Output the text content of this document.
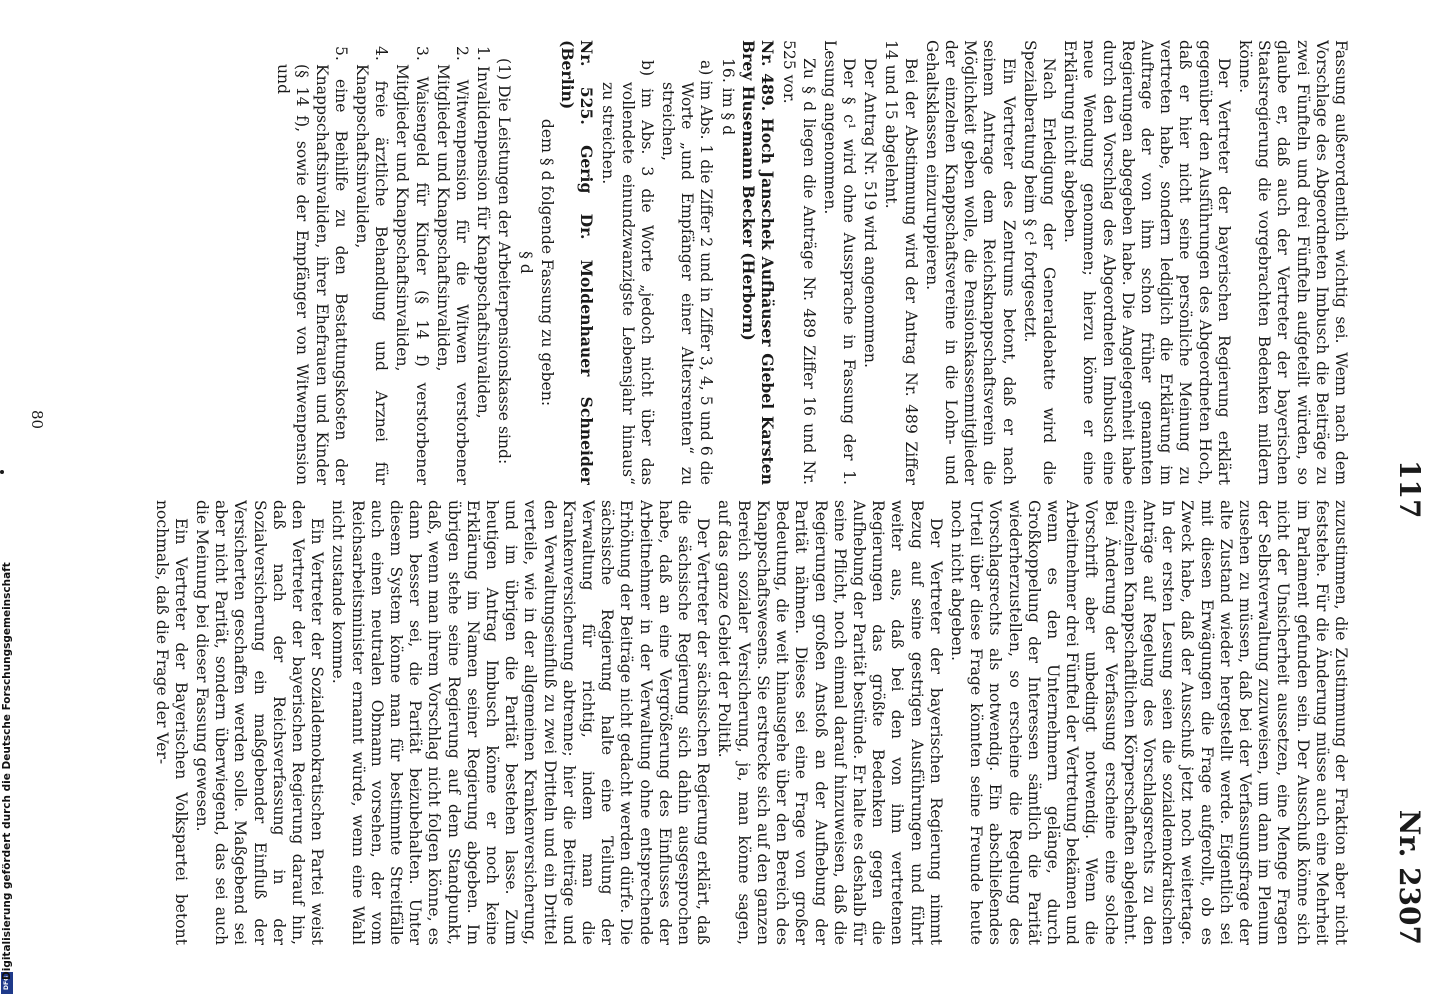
117
Nr. 2307

Fassung außerordentlich wichtig sei. Wenn nach dem Vorschlage des Abgeordneten Imbusch die Beiträge zu zwei Fünfteln und drei Fünfteln aufgeteilt würden, so glaube er, daß auch der Vertreter der bayerischen Staatsregierung die vorgebrachten Bedenken mildern könne.

Der Vertreter der bayerischen Regierung erklärt gegenüber den Ausführungen des Abgeordneten Hoch, daß er hier nicht seine persönliche Meinung zu vertreten habe, sondern lediglich die Erklärung im Auftrage der von ihm schon früher genannten Regierungen abgegeben habe. Die Angelegenheit habe durch den Vorschlag des Abgeordneten Imbusch eine neue Wendung genommen; hierzu könne er eine Erklärung nicht abgeben.

Nach Erledigung der Generaldebatte wird die Spezialberatung beim § c¹ fortgesetzt.

Ein Vertreter des Zentrums betont, daß er nach seinem Antrage dem Reichsknappschaftsverein die Möglichkeit geben wolle, die Pensionskassenmitglieder der einzelnen Knappschaftsvereine in die Lohn- und Gehaltsklassen einzuruppieren.

Bei der Abstimmung wird der Antrag Nr. 489 Ziffer 14 und 15 abgelehnt.

Der Antrag Nr. 519 wird angenommen.

Der § c¹ wird ohne Aussprache in Fassung der 1. Lesung angenommen.

Zu § d liegen die Anträge Nr. 489 Ziffer 16 und Nr. 525 vor.

Nr. 489. Hoch Janschek Aufhäuser Giebel Karsten Brey Husemann Becker (Herborn)

16. im § d

a) im Abs. 1 die Ziffer 2 und in Ziffer 3, 4, 5 und 6 die Worte „und Empfänger einer Altersrenten“ zu streichen,

b) im Abs. 3 die Worte „jedoch nicht über das vollendete einundzwanzigste Lebensjahr hinaus“ zu streichen.

Nr. 525. Gerig Dr. Moldenhauer Schneider (Berlin)

dem § d folgende Fassung zu geben:

§ d

(1) Die Leistungen der Arbeiterpensionskasse sind:

1. Invalidenpension für Knappschaftsinvaliden,

2. Witwenpension für die Witwen verstorbener Mitglieder und Knappschaftsinvaliden,

3. Waisengeld für Kinder (§ 14 f) verstorbener Mitglieder und Knappschaftsinvaliden,

4. freie ärztliche Behandlung und Arznei für Knappschaftsinvaliden,

5. eine Beihilfe zu den Bestattungskosten der Knappschaftsinvaliden, ihrer Ehefrauen und Kinder (§ 14 f), sowie der Empfänger von Witwenpension und

zuzustimmen, die Zustimmung der Fraktion aber nicht feststehe. Für die Änderung müsse auch eine Mehrheit im Parlament gefunden sein. Der Ausschuß könne sich nicht der Unsicherheit aussetzen, eine Menge Fragen der Selbstverwaltung zuzuweisen, um dann im Plenum zusehen zu müssen, daß bei der Verfassungsfrage der alte Zustand wieder hergestellt werde. Eigentlich sei mit diesen Erwägungen die Frage aufgerollt, ob es Zweck habe, daß der Ausschuß jetzt noch weitertage. In der ersten Lesung seien die sozialdemokratischen Anträge auf Regelung des Vorschlagsrechts zu den einzelnen Knappschaftlichen Körperschaften abgelehnt. Bei Änderung der Verfassung erscheine eine solche Vorschrift aber unbedingt notwendig. Wenn die Arbeitnehmer drei Fünftel der Vertretung bekämen und wenn es den Unternehmern gelänge, durch Großkoppelung der Interessen sämtlich die Parität wiederherzustellen, so erscheine die Regelung des Vorschlagsrechts als notwendig. Ein abschließendes Urteil über diese Frage könnten seine Freunde heute noch nicht abgeben.

Der Vertreter der bayerischen Regierung nimmt Bezug auf seine gestrigen Ausführungen und führt weiter aus, daß bei den von ihm vertretenen Regierungen das größte Bedenken gegen die Aufhebung der Parität bestünde. Er halte es deshalb für seine Pflicht, noch einmal darauf hinzuweisen, daß die Regierungen großen Anstoß an der Aufhebung der Parität nähmen. Dieses sei eine Frage von großer Bedeutung, die weit hinausgehe über den Bereich des Knappschaftswesens. Sie erstrecke sich auf den ganzen Bereich sozialer Versicherung, ja, man könne sagen, auf das ganze Gebiet der Politik.

Der Vertreter der sächsischen Regierung erklärt, daß die sächsische Regierung sich dahin ausgesprochen habe, daß an eine Vergrößerung des Einflusses der Arbeitnehmer in der Verwaltung ohne entsprechende Erhöhung der Beiträge nicht gedacht werden dürfe. Die sächsische Regierung halte eine Teilung der Verwaltung für richtig, indem man die Krankenversicherung abtrenne; hier die Beiträge und den Verwaltungseinfluß zu zwei Dritteln und ein Drittel verteile, wie in der allgemeinen Krankenversicherung, und im übrigen die Parität bestehen lasse. Zum heutigen Antrag Imbusch könne er noch keine Erklärung im Namen seiner Regierung abgeben. Im übrigen stehe seine Regierung auf dem Standpunkt, daß, wenn man ihrem Vorschlag nicht folgen könne, es dann besser sei, die Parität beizubehalten. Unter diesem System könne man für bestimmte Streitfälle auch einen neutralen Obmann vorsehen, der vom Reichsarbeitsminister ernannt würde, wenn eine Wahl nicht zustande komme.

Ein Vertreter der Sozialdemokratischen Partei weist den Vertreter der bayerischen Regierung darauf hin, daß nach der Reichsverfassung in der Sozialversicherung ein maßgebender Einfluß der Versicherten geschaffen werden solle. Maßgebend sei aber nicht Parität, sondern überwiegend, das sei auch die Meinung bei dieser Fassung gewesen.

Ein Vertreter der Bayerischen Volkspartei betont nochmals, daß die Frage der Ver-

80
DFG
Digitalisierung gefördert durch die Deutsche Forschungsgemeinschaft
